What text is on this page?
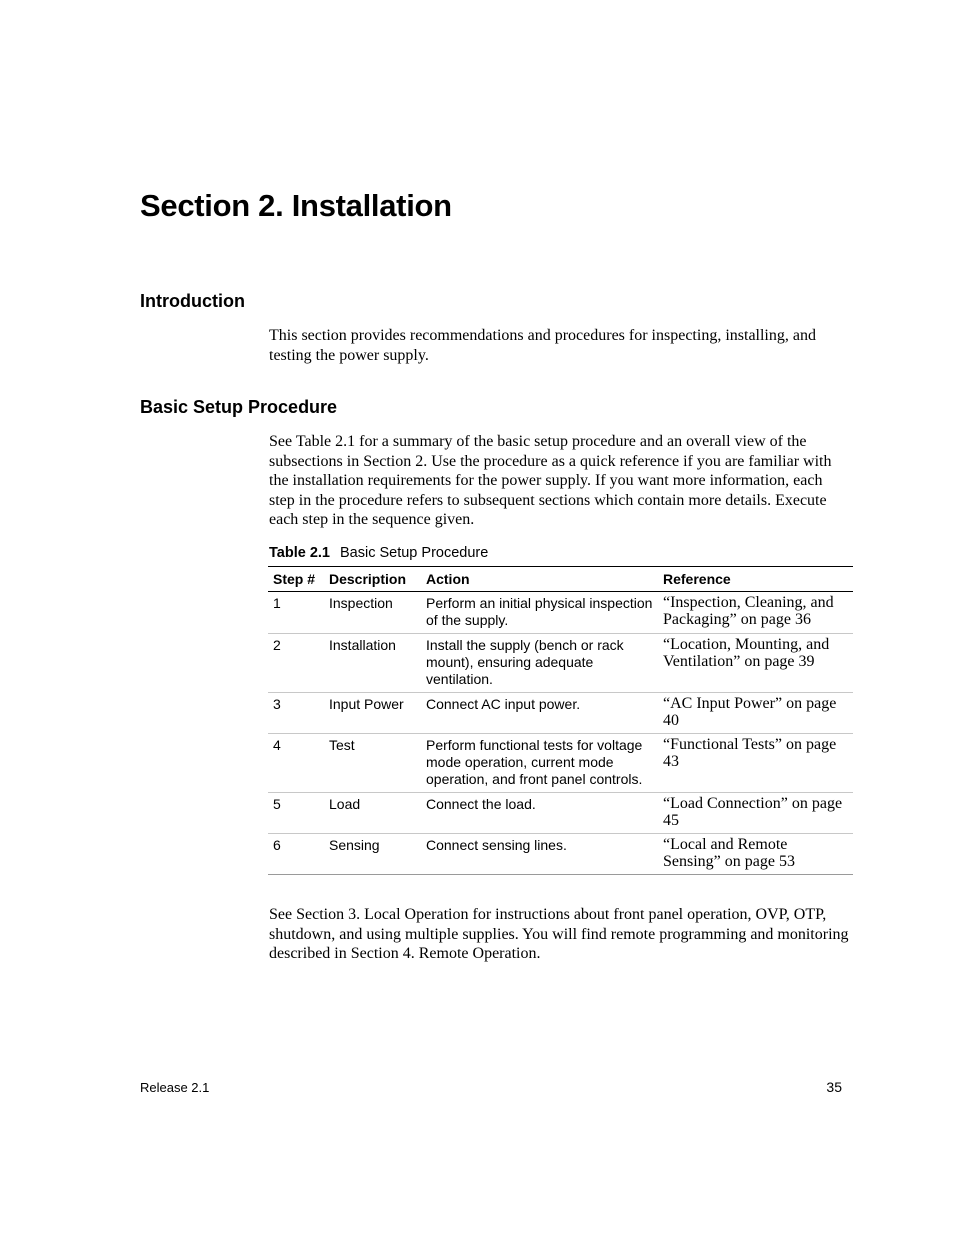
Section 2. Installation
Introduction

This section provides recommendations and procedures for inspecting, installing, and testing the power supply.

Basic Setup Procedure

See Table 2.1 for a summary of the basic setup procedure and an overall view of the subsections in Section 2. Use the procedure as a quick reference if you are familiar with the installation requirements for the power supply. If you want more information, each step in the procedure refers to subsequent sections which contain more details. Execute each step in the sequence given.

Table 2.1 Basic Setup Procedure

Step #	Description	Action	Reference
1	Inspection	Perform an initial physical inspection of the supply.	“Inspection, Cleaning, and Packaging” on page 36
2	Installation	Install the supply (bench or rack mount), ensuring adequate ventilation.	“Location, Mounting, and Ventilation” on page 39
3	Input Power	Connect AC input power.	“AC Input Power” on page 40
4	Test	Perform functional tests for voltage mode operation, current mode operation, and front panel controls.	“Functional Tests” on page 43
5	Load	Connect the load.	“Load Connection” on page 45
6	Sensing	Connect sensing lines.	“Local and Remote Sensing” on page 53

See Section 3. Local Operation for instructions about front panel operation, OVP, OTP, shutdown, and using multiple supplies. You will find remote programming and monitoring described in Section 4. Remote Operation.

Release 2.1	35
